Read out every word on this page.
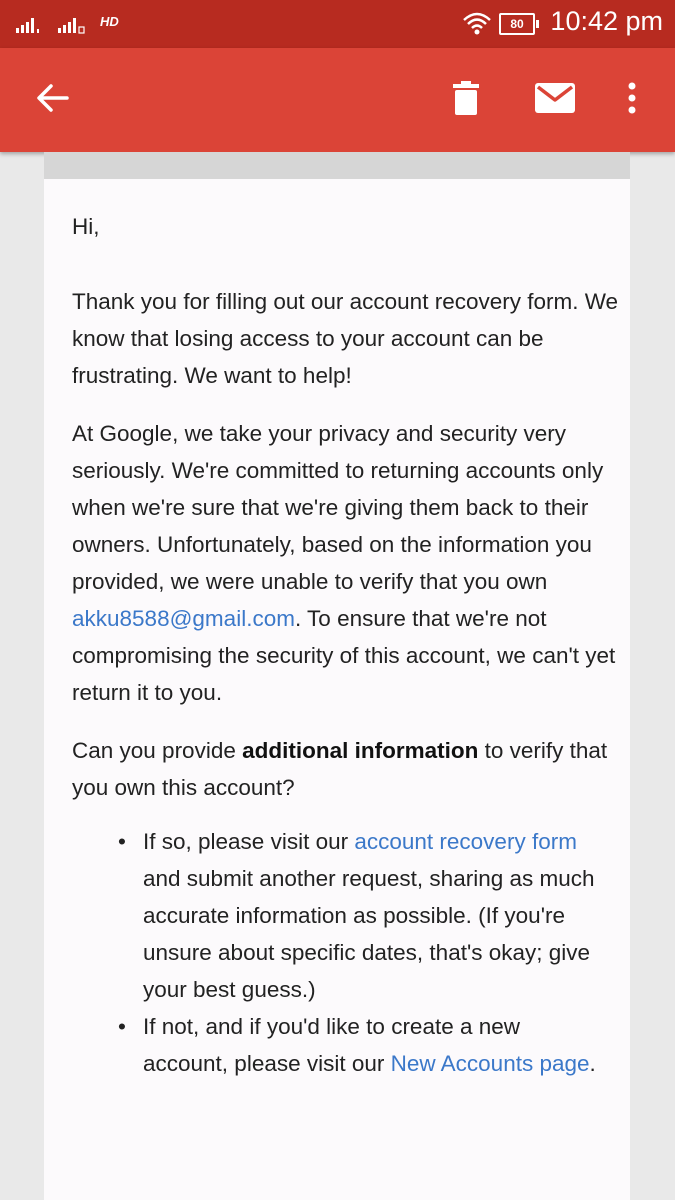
HD	80 10:42 pm

Hi,

Thank you for filling out our account recovery form. We know that losing access to your account can be frustrating. We want to help!

At Google, we take your privacy and security very seriously. We're committed to returning accounts only when we're sure that we're giving them back to their owners. Unfortunately, based on the information you provided, we were unable to verify that you own akku8588@gmail.com. To ensure that we're not compromising the security of this account, we can't yet return it to you.

Can you provide additional information to verify that you own this account?

• If so, please visit our account recovery form and submit another request, sharing as much accurate information as possible. (If you're unsure about specific dates, that's okay; give your best guess.)
• If not, and if you'd like to create a new account, please visit our New Accounts page.
